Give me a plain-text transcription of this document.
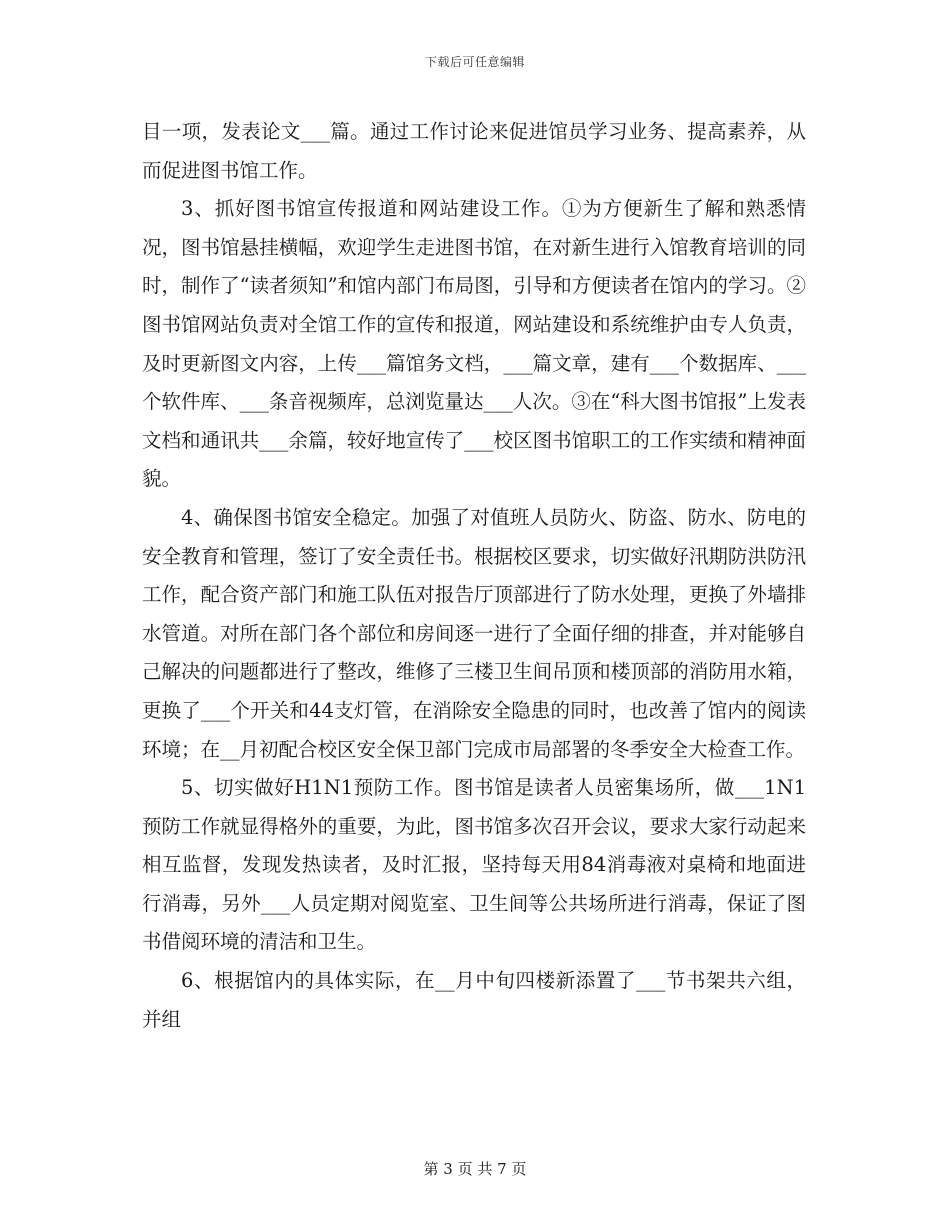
下载后可任意编辑

目一项，发表论文___篇。通过工作讨论来促进馆员学习业务、提高素养，从而促进图书馆工作。

3、抓好图书馆宣传报道和网站建设工作。①为方便新生了解和熟悉情况，图书馆悬挂横幅，欢迎学生走进图书馆，在对新生进行入馆教育培训的同时，制作了“读者须知”和馆内部门布局图，引导和方便读者在馆内的学习。②图书馆网站负责对全馆工作的宣传和报道，网站建设和系统维护由专人负责，及时更新图文内容，上传___篇馆务文档，___篇文章，建有___个数据库、___个软件库、___条音视频库，总浏览量达___人次。③在“科大图书馆报”上发表文档和通讯共___余篇，较好地宣传了___校区图书馆职工的工作实绩和精神面貌。

4、确保图书馆安全稳定。加强了对值班人员防火、防盗、防水、防电的安全教育和管理，签订了安全责任书。根据校区要求，切实做好汛期防洪防汛工作，配合资产部门和施工队伍对报告厅顶部进行了防水处理，更换了外墙排水管道。对所在部门各个部位和房间逐一进行了全面仔细的排查，并对能够自己解决的问题都进行了整改，维修了三楼卫生间吊顶和楼顶部的消防用水箱，更换了___个开关和44支灯管，在消除安全隐患的同时，也改善了馆内的阅读环境；在__月初配合校区安全保卫部门完成市局部署的冬季安全大检查工作。

5、切实做好H1N1预防工作。图书馆是读者人员密集场所，做___1N1预防工作就显得格外的重要，为此，图书馆多次召开会议，要求大家行动起来相互监督，发现发热读者，及时汇报，坚持每天用84消毒液对桌椅和地面进行消毒，另外___人员定期对阅览室、卫生间等公共场所进行消毒，保证了图书借阅环境的清洁和卫生。

6、根据馆内的具体实际，在__月中旬四楼新添置了___节书架共六组，并组

第 3 页 共 7 页
